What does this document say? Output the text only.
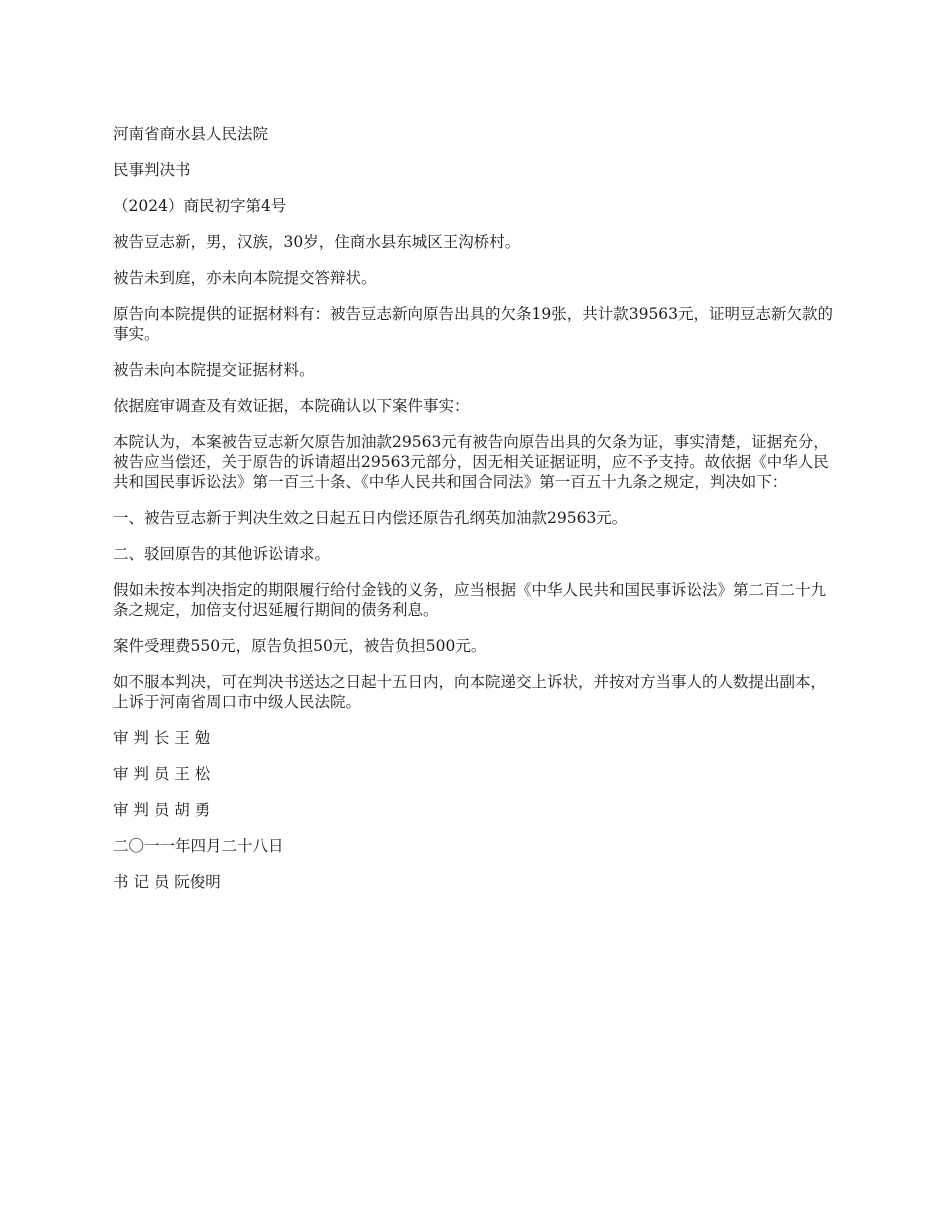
河南省商水县人民法院

民事判决书

（2024）商民初字第4号

被告豆志新，男，汉族，30岁，住商水县东城区王沟桥村。

被告未到庭，亦未向本院提交答辩状。

原告向本院提供的证据材料有：被告豆志新向原告出具的欠条19张，共计款39563元，证明豆志新欠款的事实。

被告未向本院提交证据材料。

依据庭审调查及有效证据，本院确认以下案件事实：

本院认为，本案被告豆志新欠原告加油款29563元有被告向原告出具的欠条为证，事实清楚，证据充分，被告应当偿还，关于原告的诉请超出29563元部分，因无相关证据证明，应不予支持。故依据《中华人民共和国民事诉讼法》第一百三十条、《中华人民共和国合同法》第一百五十九条之规定，判决如下：

一、被告豆志新于判决生效之日起五日内偿还原告孔纲英加油款29563元。

二、驳回原告的其他诉讼请求。

假如未按本判决指定的期限履行给付金钱的义务，应当根据《中华人民共和国民事诉讼法》第二百二十九条之规定，加倍支付迟延履行期间的债务利息。

案件受理费550元，原告负担50元，被告负担500元。

如不服本判决，可在判决书送达之日起十五日内，向本院递交上诉状，并按对方当事人的人数提出副本，上诉于河南省周口市中级人民法院。

审 判 长 王 勉

审 判 员 王 松

审 判 员 胡 勇

二〇一一年四月二十八日

书 记 员 阮俊明
